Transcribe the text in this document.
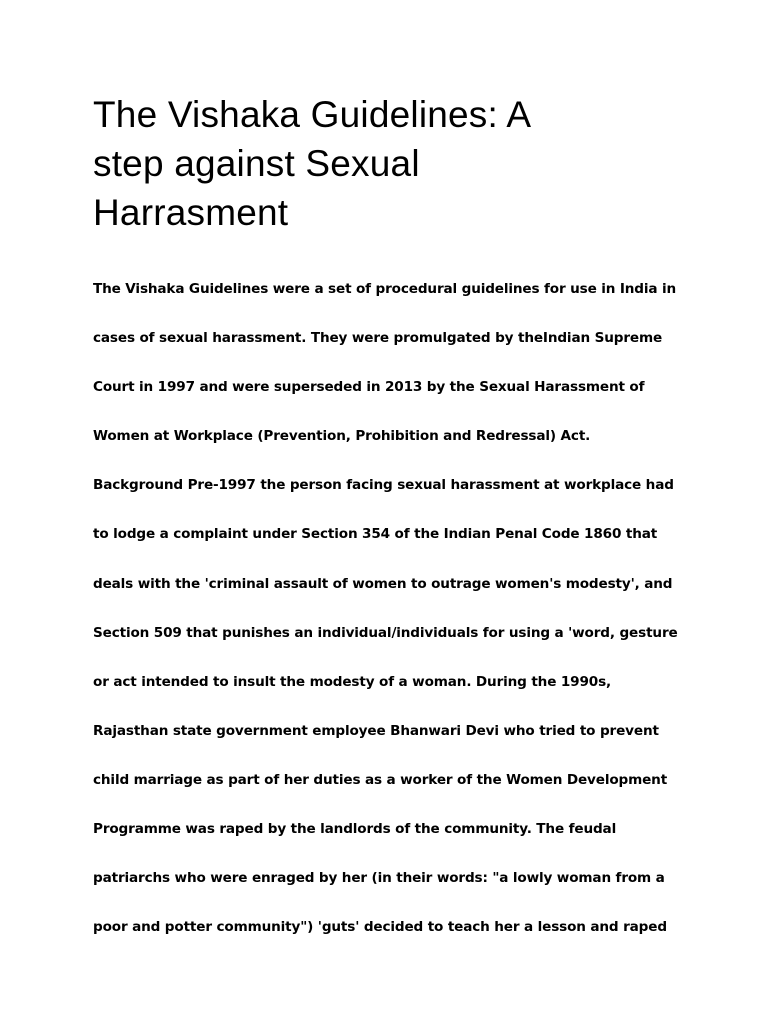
The Vishaka Guidelines: A
step against Sexual
Harrasment
The Vishaka Guidelines were a set of procedural guidelines for use in India in
cases of sexual harassment. They were promulgated by theIndian Supreme
Court in 1997 and were superseded in 2013 by the Sexual Harassment of
Women at Workplace (Prevention, Prohibition and Redressal) Act.
Background Pre-1997 the person facing sexual harassment at workplace had
to lodge a complaint under Section 354 of the Indian Penal Code 1860 that
deals with the 'criminal assault of women to outrage women's modesty', and
Section 509 that punishes an individual/individuals for using a 'word, gesture
or act intended to insult the modesty of a woman. During the 1990s,
Rajasthan state government employee Bhanwari Devi who tried to prevent
child marriage as part of her duties as a worker of the Women Development
Programme was raped by the landlords of the community. The feudal
patriarchs who were enraged by her (in their words: "a lowly woman from a
poor and potter community") 'guts' decided to teach her a lesson and raped
